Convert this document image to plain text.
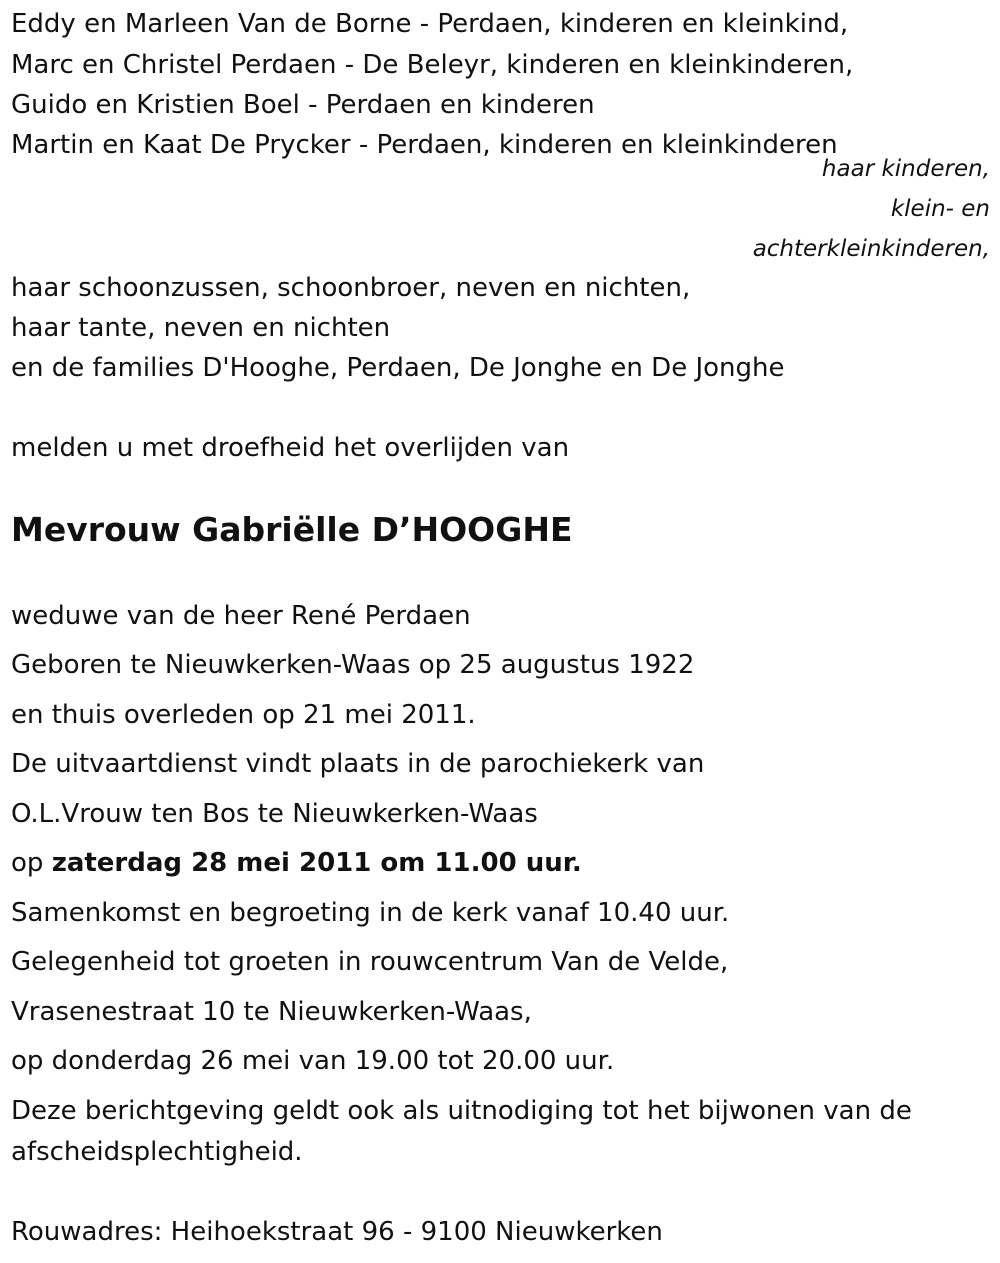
Eddy en Marleen Van de Borne - Perdaen, kinderen en kleinkind,
Marc en Christel Perdaen - De Beleyr, kinderen en kleinkinderen,
Guido en Kristien Boel - Perdaen en kinderen
Martin en Kaat De Prycker - Perdaen, kinderen en kleinkinderen
haar kinderen,
klein- en
achterkleinkinderen,
haar schoonzussen, schoonbroer, neven en nichten,
haar tante, neven en nichten
en de families D'Hooghe, Perdaen, De Jonghe en De Jonghe
melden u met droefheid het overlijden van
Mevrouw Gabriëlle D’HOOGHE
weduwe van de heer René Perdaen
Geboren te Nieuwkerken-Waas op 25 augustus 1922
en thuis overleden op 21 mei 2011.
De uitvaartdienst vindt plaats in de parochiekerk van
O.L.Vrouw ten Bos te Nieuwkerken-Waas
op zaterdag 28 mei 2011 om 11.00 uur.
Samenkomst en begroeting in de kerk vanaf 10.40 uur.
Gelegenheid tot groeten in rouwcentrum Van de Velde,
Vrasenestraat 10 te Nieuwkerken-Waas,
op donderdag 26 mei van 19.00 tot 20.00 uur.
Deze berichtgeving geldt ook als uitnodiging tot het bijwonen van de
afscheidsplechtigheid.
Rouwadres: Heihoekstraat 96 - 9100 Nieuwkerken
